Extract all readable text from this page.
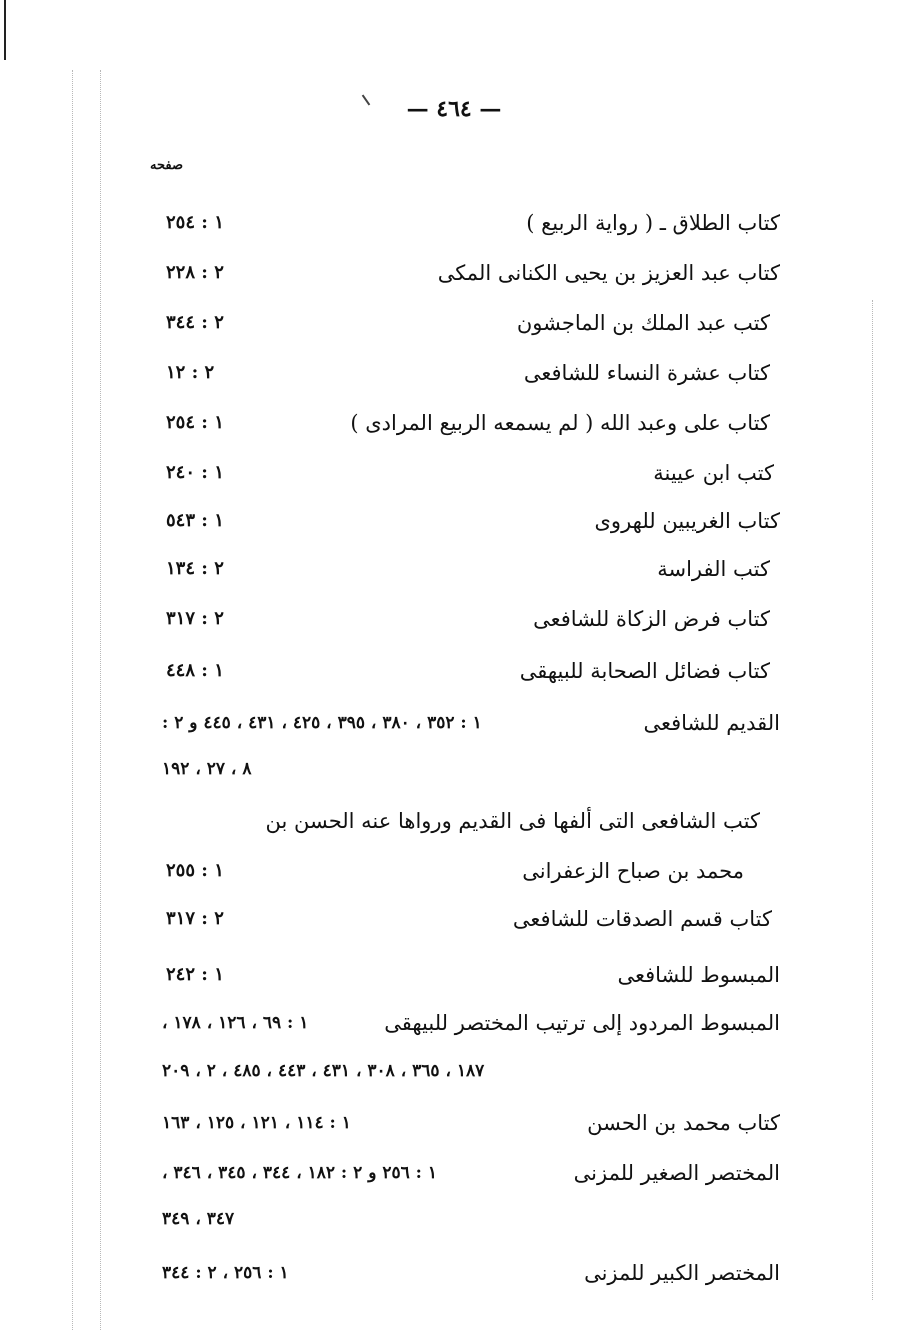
— ٤٦٤ —
صفحه
كتاب الطلاق ـ ( رواية الربيع )
١ : ٢٥٤
كتاب عبد العزيز بن يحيى الكنانى المكى
٢ : ٢٢٨
كتب عبد الملك بن الماجشون
٢ : ٣٤٤
كتاب عشرة النساء للشافعى
٢ : ١٢
كتاب على وعبد الله ( لم يسمعه الربيع المرادى )
١ : ٢٥٤
كتب ابن عيينة
١ : ٢٤٠
كتاب الغريبين للهروى
١ : ٥٤٣
كتب الفراسة
٢ : ١٣٤
كتاب فرض الزكاة للشافعى
٢ : ٣١٧
كتاب فضائل الصحابة للبيهقى
١ : ٤٤٨
القديم للشافعى
١ : ٣٥٢ ، ٣٨٠ ، ٣٩٥ ، ٤٢٥ ، ٤٣١ ، ٤٤٥ و ٢ :
٨ ، ٢٧ ، ١٩٢
كتب الشافعى التى ألفها فى القديم ورواها عنه الحسن بن
محمد بن صباح الزعفرانى
١ : ٢٥٥
كتاب قسم الصدقات للشافعى
٢ : ٣١٧
المبسوط للشافعى
١ : ٢٤٢
المبسوط المردود إلى ترتيب المختصر للبيهقى
١ : ٦٩ ، ١٢٦ ، ١٧٨ ،
١٨٧ ، ٣٦٥ ، ٣٠٨ ، ٤٣١ ، ٤٤٣ ، ٤٨٥ ، ٢ ، ٢٠٩
كتاب محمد بن الحسن
١ : ١١٤ ، ١٢١ ، ١٢٥ ، ١٦٣
المختصر الصغير للمزنى
١ : ٢٥٦ و ٢ : ١٨٢ ، ٣٤٤ ، ٣٤٥ ، ٣٤٦ ،
٣٤٧ ، ٣٤٩
المختصر الكبير للمزنى
١ : ٢٥٦ ، ٢ : ٣٤٤
